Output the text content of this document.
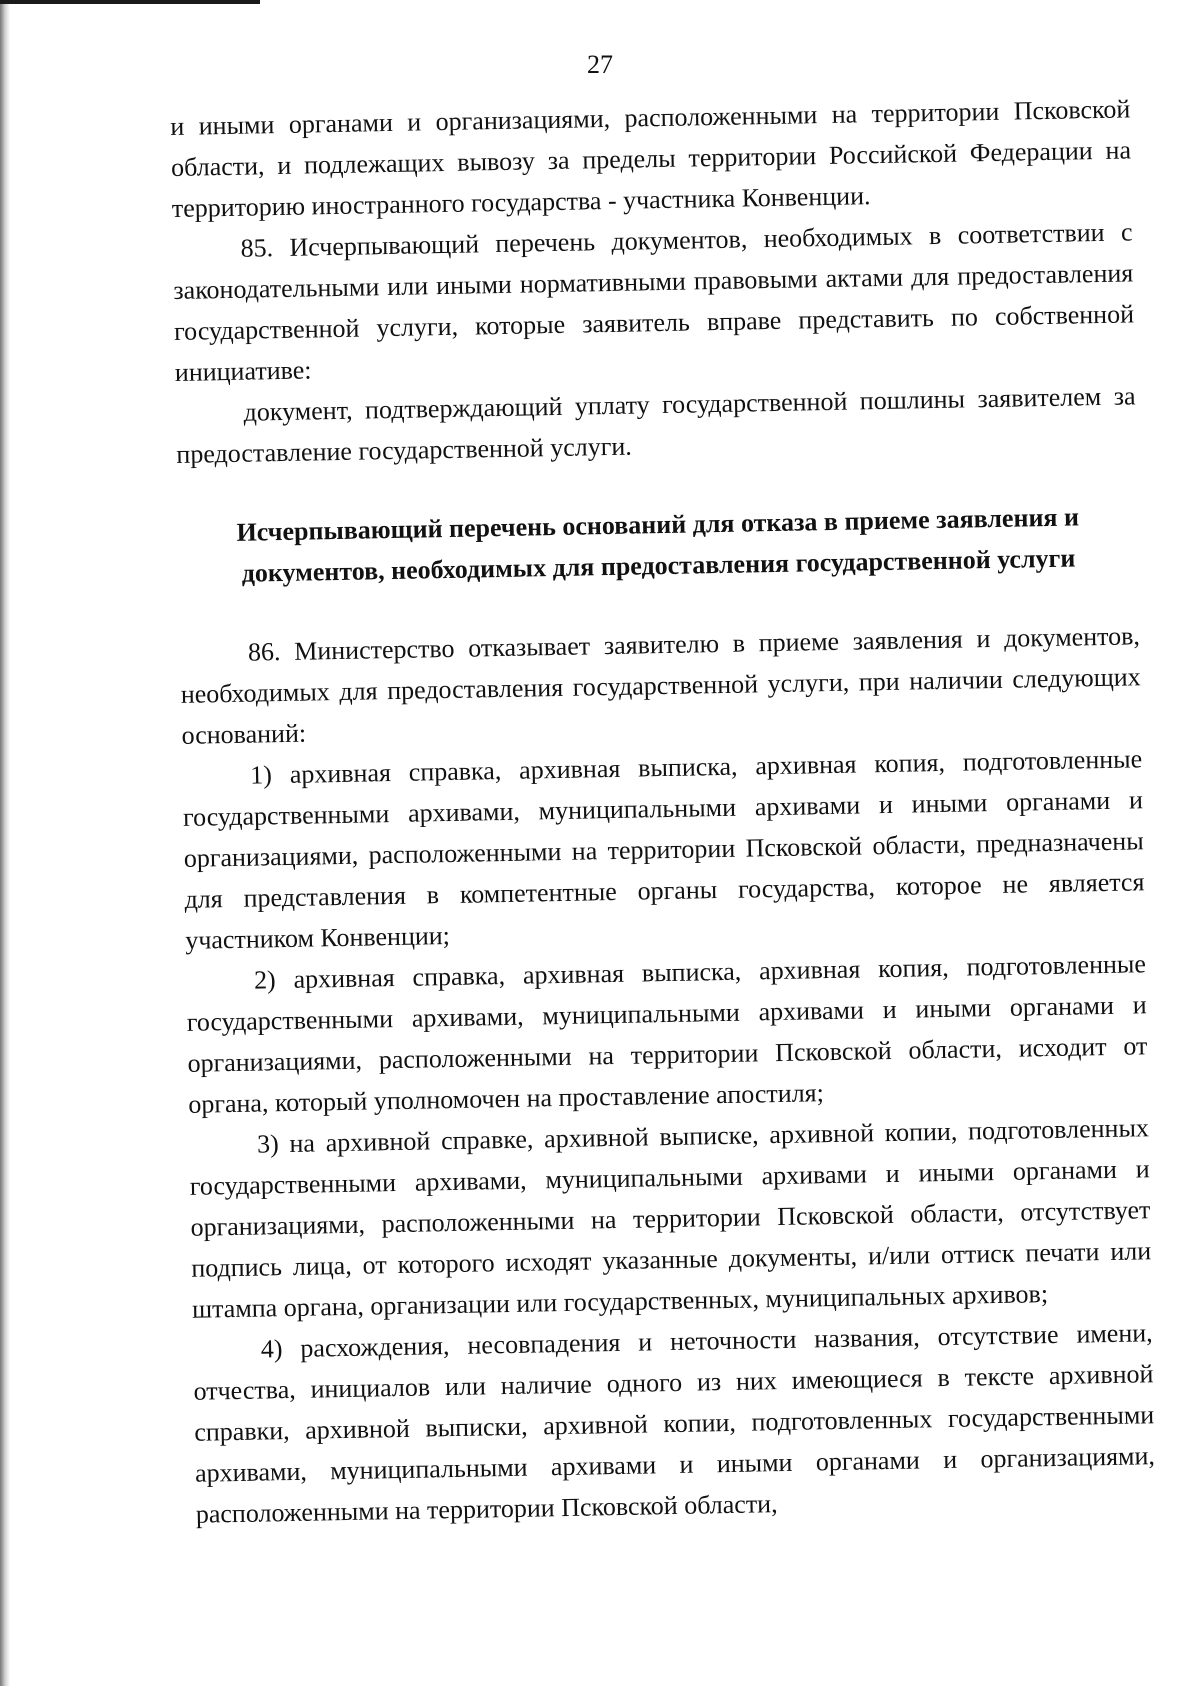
27

и иными органами и организациями, расположенными на территории Псковской области, и подлежащих вывозу за пределы территории Российской Федерации на территорию иностранного государства - участника Конвенции.

85. Исчерпывающий перечень документов, необходимых в соответствии с законодательными или иными нормативными правовыми актами для предоставления государственной услуги, которые заявитель вправе представить по собственной инициативе:

документ, подтверждающий уплату государственной пошлины заявителем за предоставление государственной услуги.

Исчерпывающий перечень оснований для отказа в приеме заявления и документов, необходимых для предоставления государственной услуги

86. Министерство отказывает заявителю в приеме заявления и документов, необходимых для предоставления государственной услуги, при наличии следующих оснований:

1) архивная справка, архивная выписка, архивная копия, подготовленные государственными архивами, муниципальными архивами и иными органами и организациями, расположенными на территории Псковской области, предназначены для представления в компетентные органы государства, которое не является участником Конвенции;

2) архивная справка, архивная выписка, архивная копия, подготовленные государственными архивами, муниципальными архивами и иными органами и организациями, расположенными на территории Псковской области, исходит от органа, который уполномочен на проставление апостиля;

3) на архивной справке, архивной выписке, архивной копии, подготовленных государственными архивами, муниципальными архивами и иными органами и организациями, расположенными на территории Псковской области, отсутствует подпись лица, от которого исходят указанные документы, и/или оттиск печати или штампа органа, организации или государственных, муниципальных архивов;

4) расхождения, несовпадения и неточности названия, отсутствие имени, отчества, инициалов или наличие одного из них имеющиеся в тексте архивной справки, архивной выписки, архивной копии, подготовленных государственными архивами, муниципальными архивами и иными органами и организациями, расположенными на территории Псковской области,
